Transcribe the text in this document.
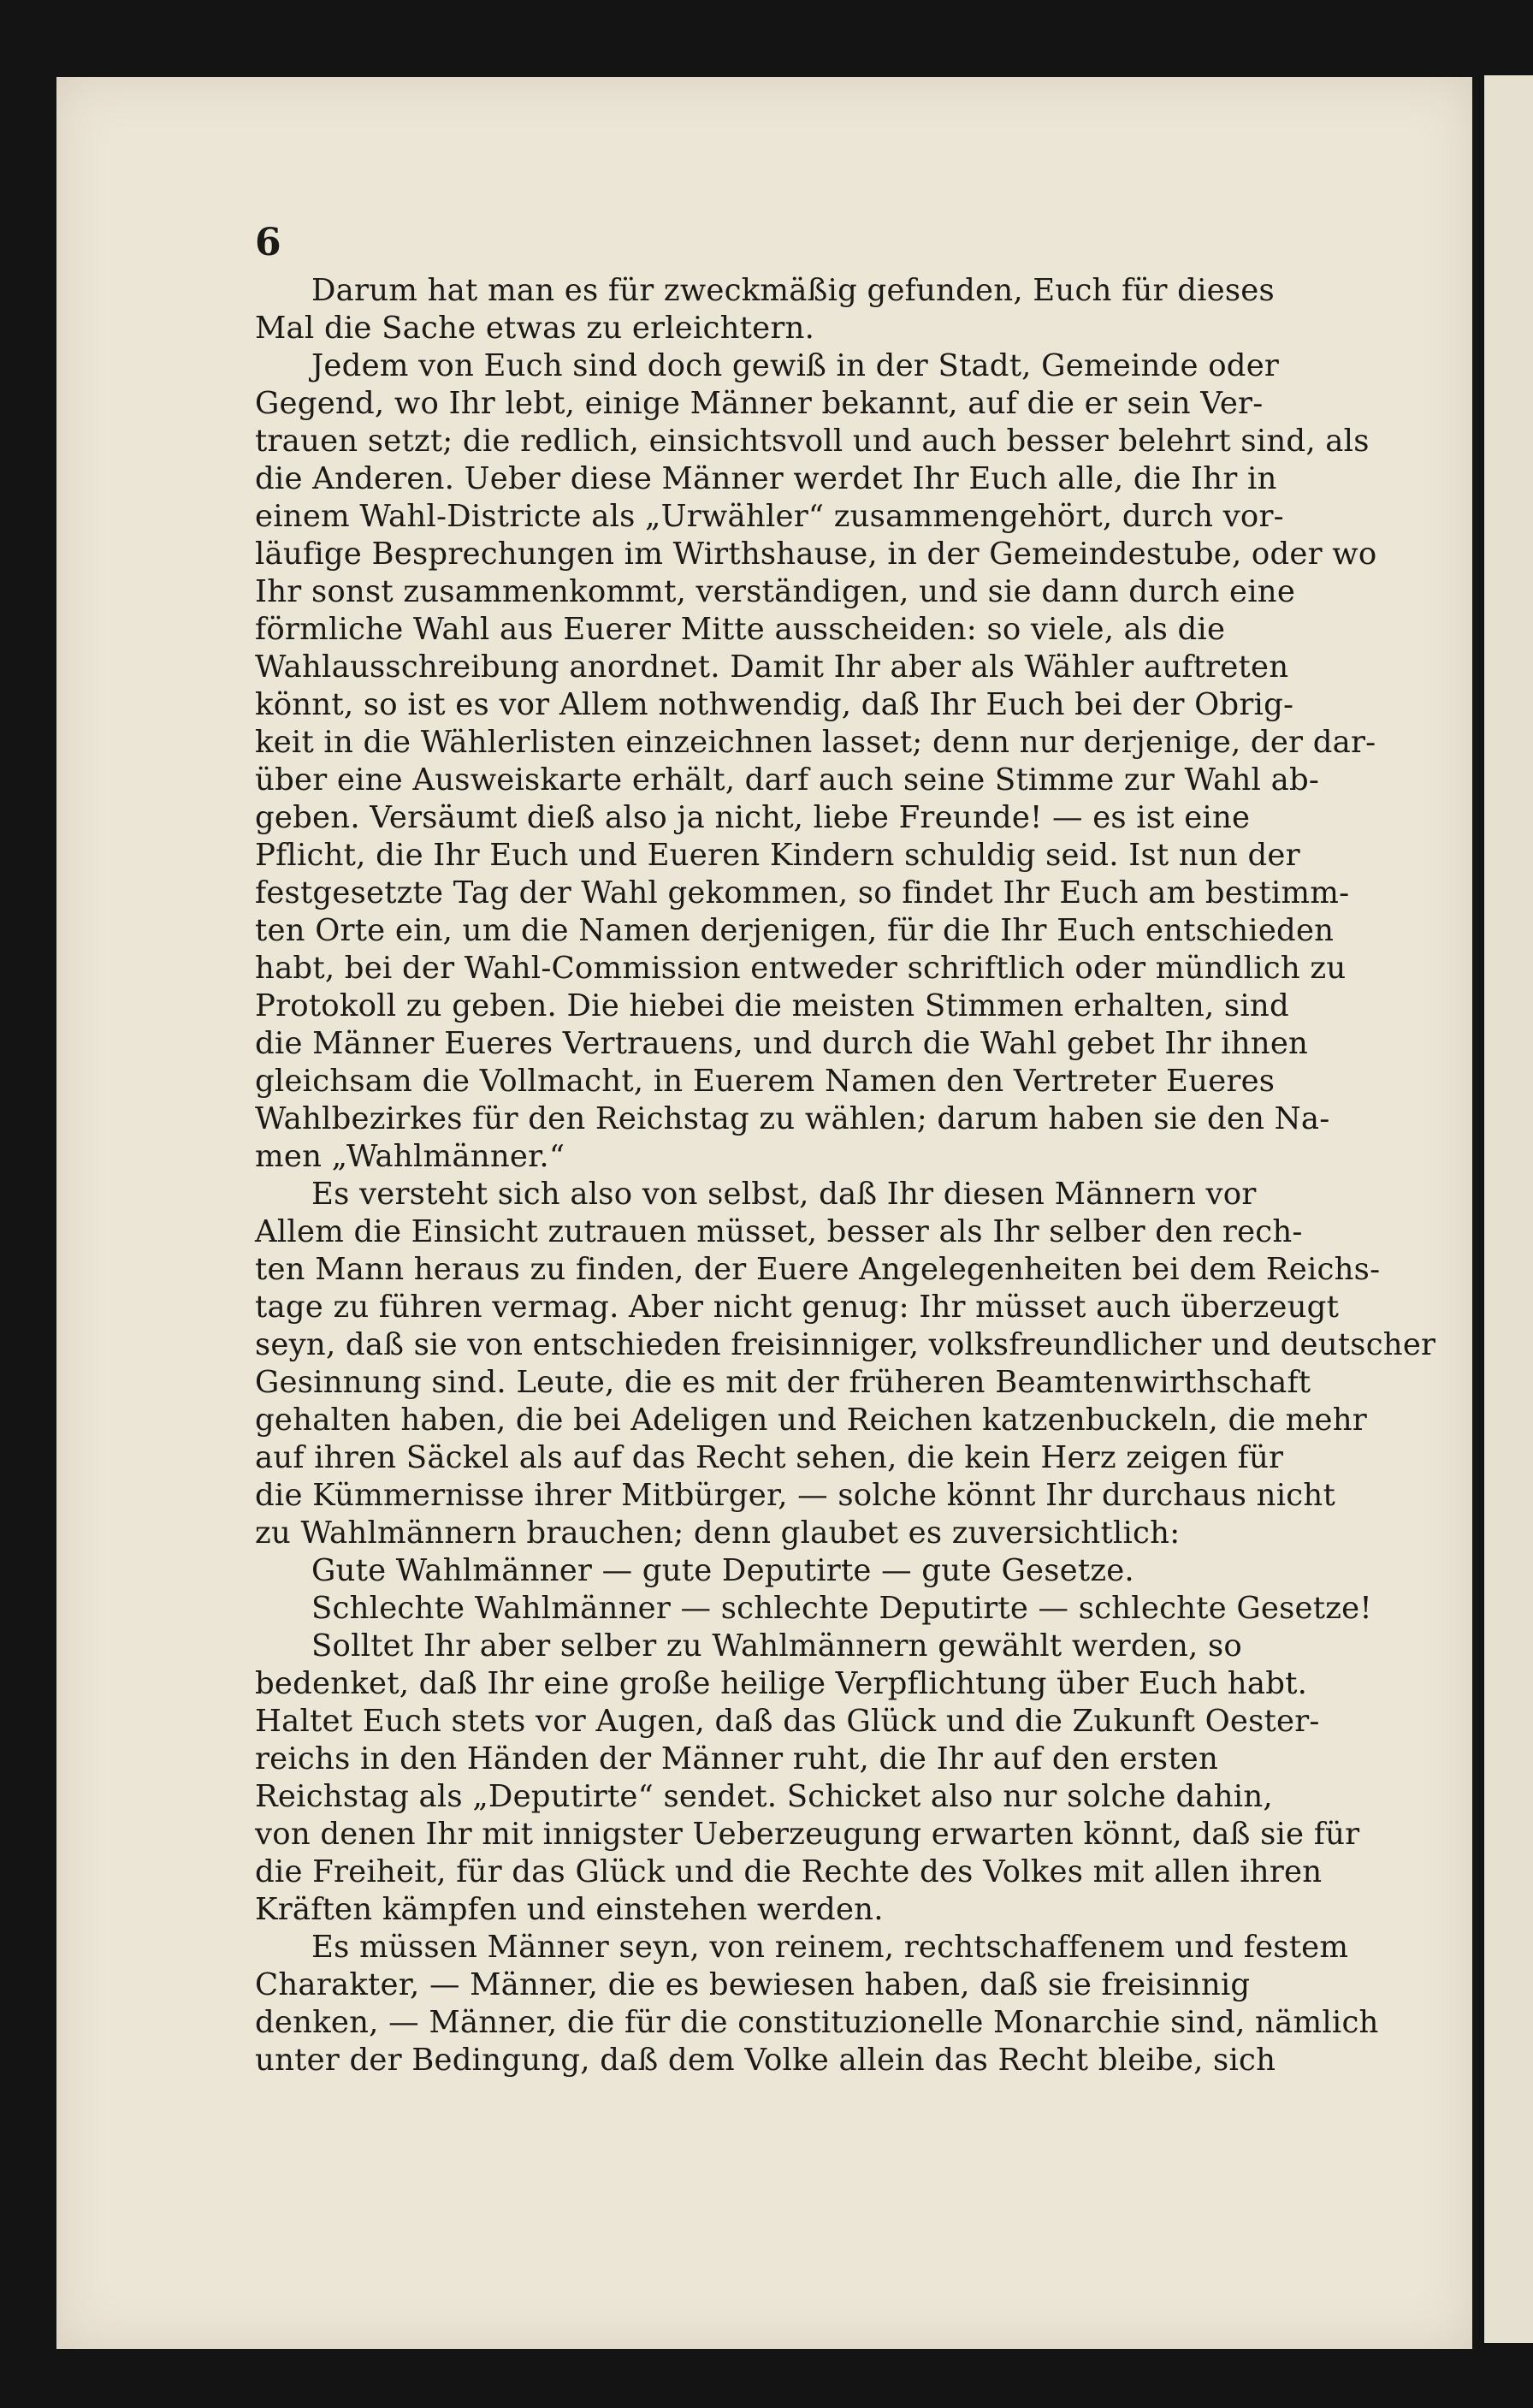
6
Darum hat man es für zweckmäßig gefunden, Euch für dieses
Mal die Sache etwas zu erleichtern.
Jedem von Euch sind doch gewiß in der Stadt, Gemeinde oder
Gegend, wo Ihr lebt, einige Männer bekannt, auf die er sein Ver-
trauen setzt; die redlich, einsichtsvoll und auch besser belehrt sind, als
die Anderen. Ueber diese Männer werdet Ihr Euch alle, die Ihr in
einem Wahl-Districte als „Urwähler“ zusammengehört, durch vor-
läufige Besprechungen im Wirthshause, in der Gemeindestube, oder wo
Ihr sonst zusammenkommt, verständigen, und sie dann durch eine
förmliche Wahl aus Euerer Mitte ausscheiden: so viele, als die
Wahlausschreibung anordnet. Damit Ihr aber als Wähler auftreten
könnt, so ist es vor Allem nothwendig, daß Ihr Euch bei der Obrig-
keit in die Wählerlisten einzeichnen lasset; denn nur derjenige, der dar-
über eine Ausweiskarte erhält, darf auch seine Stimme zur Wahl ab-
geben. Versäumt dieß also ja nicht, liebe Freunde! — es ist eine
Pflicht, die Ihr Euch und Eueren Kindern schuldig seid. Ist nun der
festgesetzte Tag der Wahl gekommen, so findet Ihr Euch am bestimm-
ten Orte ein, um die Namen derjenigen, für die Ihr Euch entschieden
habt, bei der Wahl-Commission entweder schriftlich oder mündlich zu
Protokoll zu geben. Die hiebei die meisten Stimmen erhalten, sind
die Männer Eueres Vertrauens, und durch die Wahl gebet Ihr ihnen
gleichsam die Vollmacht, in Euerem Namen den Vertreter Eueres
Wahlbezirkes für den Reichstag zu wählen; darum haben sie den Na-
men „Wahlmänner.“
Es versteht sich also von selbst, daß Ihr diesen Männern vor
Allem die Einsicht zutrauen müsset, besser als Ihr selber den rech-
ten Mann heraus zu finden, der Euere Angelegenheiten bei dem Reichs-
tage zu führen vermag. Aber nicht genug: Ihr müsset auch überzeugt
seyn, daß sie von entschieden freisinniger, volksfreundlicher und deutscher
Gesinnung sind. Leute, die es mit der früheren Beamtenwirthschaft
gehalten haben, die bei Adeligen und Reichen katzenbuckeln, die mehr
auf ihren Säckel als auf das Recht sehen, die kein Herz zeigen für
die Kümmernisse ihrer Mitbürger, — solche könnt Ihr durchaus nicht
zu Wahlmännern brauchen; denn glaubet es zuversichtlich:
Gute Wahlmänner — gute Deputirte — gute Gesetze.
Schlechte Wahlmänner — schlechte Deputirte — schlechte Gesetze!
Solltet Ihr aber selber zu Wahlmännern gewählt werden, so
bedenket, daß Ihr eine große heilige Verpflichtung über Euch habt.
Haltet Euch stets vor Augen, daß das Glück und die Zukunft Oester-
reichs in den Händen der Männer ruht, die Ihr auf den ersten
Reichstag als „Deputirte“ sendet. Schicket also nur solche dahin,
von denen Ihr mit innigster Ueberzeugung erwarten könnt, daß sie für
die Freiheit, für das Glück und die Rechte des Volkes mit allen ihren
Kräften kämpfen und einstehen werden.
Es müssen Männer seyn, von reinem, rechtschaffenem und festem
Charakter, — Männer, die es bewiesen haben, daß sie freisinnig
denken, — Männer, die für die constituzionelle Monarchie sind, nämlich
unter der Bedingung, daß dem Volke allein das Recht bleibe, sich
